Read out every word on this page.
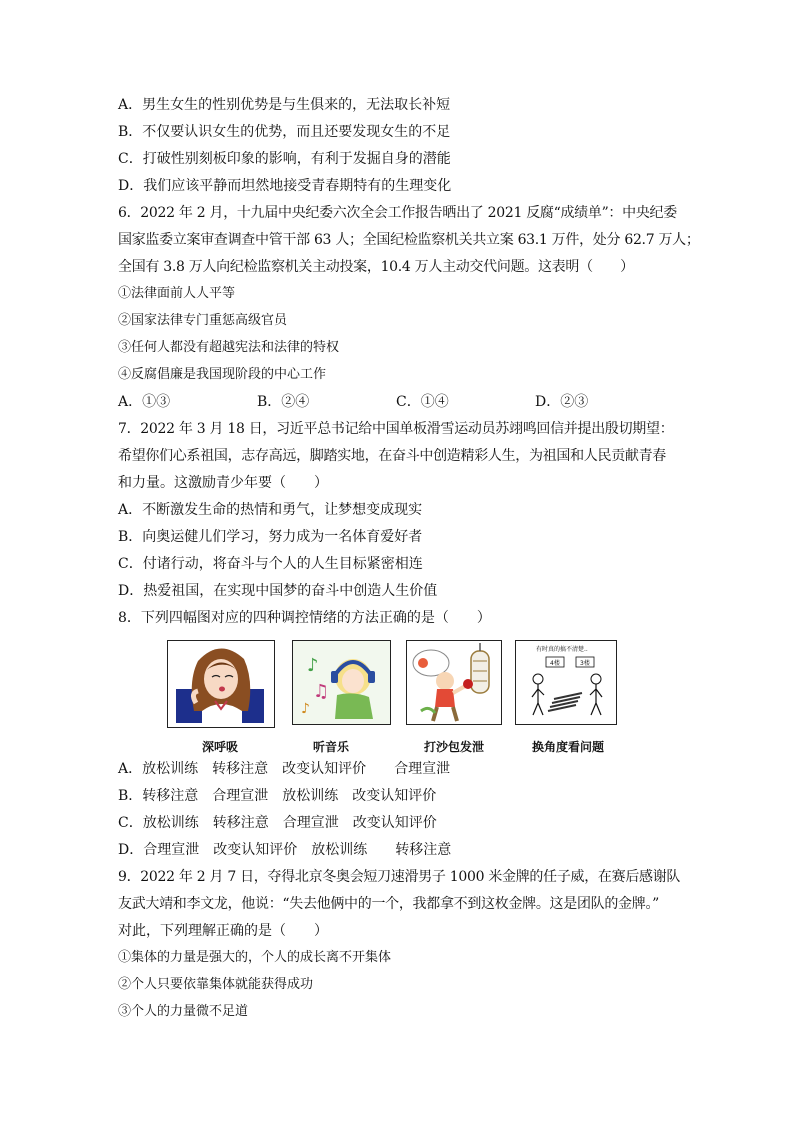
A．男生女生的性别优势是与生俱来的，无法取长补短
B．不仅要认识女生的优势，而且还要发现女生的不足
C．打破性别刻板印象的影响，有利于发掘自身的潜能
D．我们应该平静而坦然地接受青春期特有的生理变化
6．2022 年 2 月，十九届中央纪委六次全会工作报告晒出了 2021 反腐“成绩单”：中央纪委
国家监委立案审查调查中管干部 63 人；全国纪检监察机关共立案 63.1 万件，处分 62.7 万人；
全国有 3.8 万人向纪检监察机关主动投案，10.4 万人主动交代问题。这表明（　　）
①法律面前人人平等
②国家法律专门重惩高级官员
③任何人都没有超越宪法和法律的特权
④反腐倡廉是我国现阶段的中心工作
A．①③	B．②④	C．①④	D．②③
7．2022 年 3 月 18 日，习近平总书记给中国单板滑雪运动员苏翊鸣回信并提出殷切期望：
希望你们心系祖国，志存高远，脚踏实地，在奋斗中创造精彩人生，为祖国和人民贡献青春
和力量。这激励青少年要（　　）
A．不断激发生命的热情和勇气，让梦想变成现实
B．向奥运健儿们学习，努力成为一名体育爱好者
C．付诸行动，将奋斗与个人的人生目标紧密相连
D．热爱祖国，在实现中国梦的奋斗中创造人生价值
8．下列四幅图对应的四种调控情绪的方法正确的是（　　）
♪
♫
♪
有时真的搞不清楚..
4楼	3楼
深呼吸	听音乐	打沙包发泄	换角度看问题
A．放松训练　转移注意　改变认知评价　　合理宣泄
B．转移注意　合理宣泄　放松训练　改变认知评价
C．放松训练　转移注意　合理宣泄　改变认知评价
D．合理宣泄　改变认知评价　放松训练　　转移注意
9．2022 年 2 月 7 日，夺得北京冬奥会短刀速滑男子 1000 米金牌的任子威，在赛后感谢队
友武大靖和李文龙，他说：“失去他俩中的一个，我都拿不到这枚金牌。这是团队的金牌。”
对此，下列理解正确的是（　　）
①集体的力量是强大的，个人的成长离不开集体
②个人只要依靠集体就能获得成功
③个人的力量微不足道
